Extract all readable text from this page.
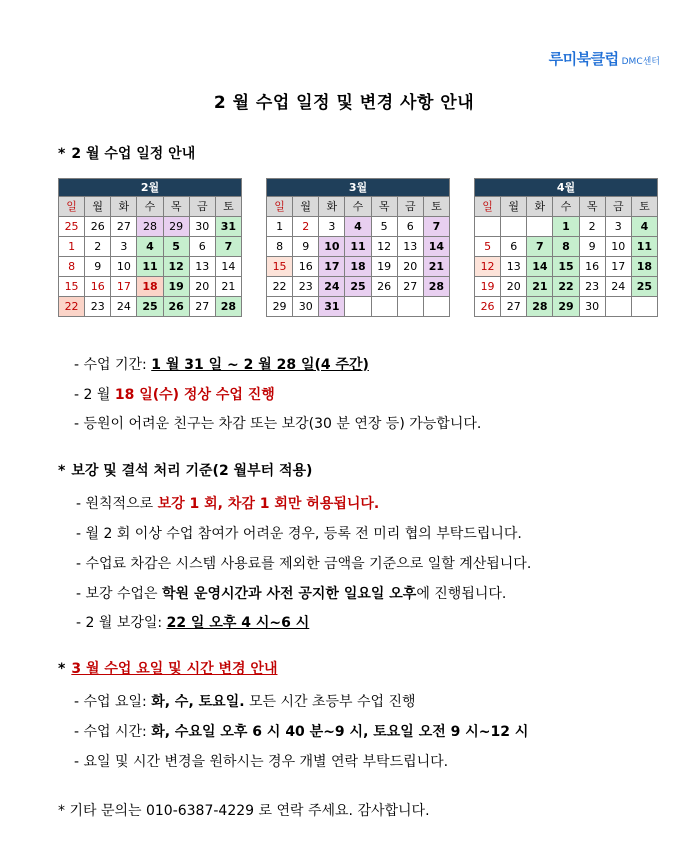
루미북클럽 DMC센터
2 월 수업 일정 및 변경 사항 안내
* 2 월 수업 일정 안내
2월						
일	월	화	수	목	금	토
25	26	27	28	29	30	31
1	2	3	4	5	6	7
8	9	10	11	12	13	14
15	16	17	18	19	20	21
22	23	24	25	26	27	28
3월						
일	월	화	수	목	금	토
1	2	3	4	5	6	7
8	9	10	11	12	13	14
15	16	17	18	19	20	21
22	23	24	25	26	27	28
29	30	31				
4월						
일	월	화	수	목	금	토
			1	2	3	4
5	6	7	8	9	10	11
12	13	14	15	16	17	18
19	20	21	22	23	24	25
26	27	28	29	30		
- 수업 기간: 1 월 31 일 ~ 2 월 28 일(4 주간)
- 2 월 18 일(수) 정상 수업 진행
- 등원이 어려운 친구는 차감 또는 보강(30 분 연장 등) 가능합니다.
* 보강 및 결석 처리 기준(2 월부터 적용)
- 원칙적으로 보강 1 회, 차감 1 회만 허용됩니다.
- 월 2 회 이상 수업 참여가 어려운 경우, 등록 전 미리 협의 부탁드립니다.
- 수업료 차감은 시스템 사용료를 제외한 금액을 기준으로 일할 계산됩니다.
- 보강 수업은 학원 운영시간과 사전 공지한 일요일 오후에 진행됩니다.
- 2 월 보강일: 22 일 오후 4 시~6 시
* 3 월 수업 요일 및 시간 변경 안내
- 수업 요일: 화, 수, 토요일. 모든 시간 초등부 수업 진행
- 수업 시간: 화, 수요일 오후 6 시 40 분~9 시, 토요일 오전 9 시~12 시
- 요일 및 시간 변경을 원하시는 경우 개별 연락 부탁드립니다.
* 기타 문의는 010-6387-4229 로 연락 주세요. 감사합니다.
